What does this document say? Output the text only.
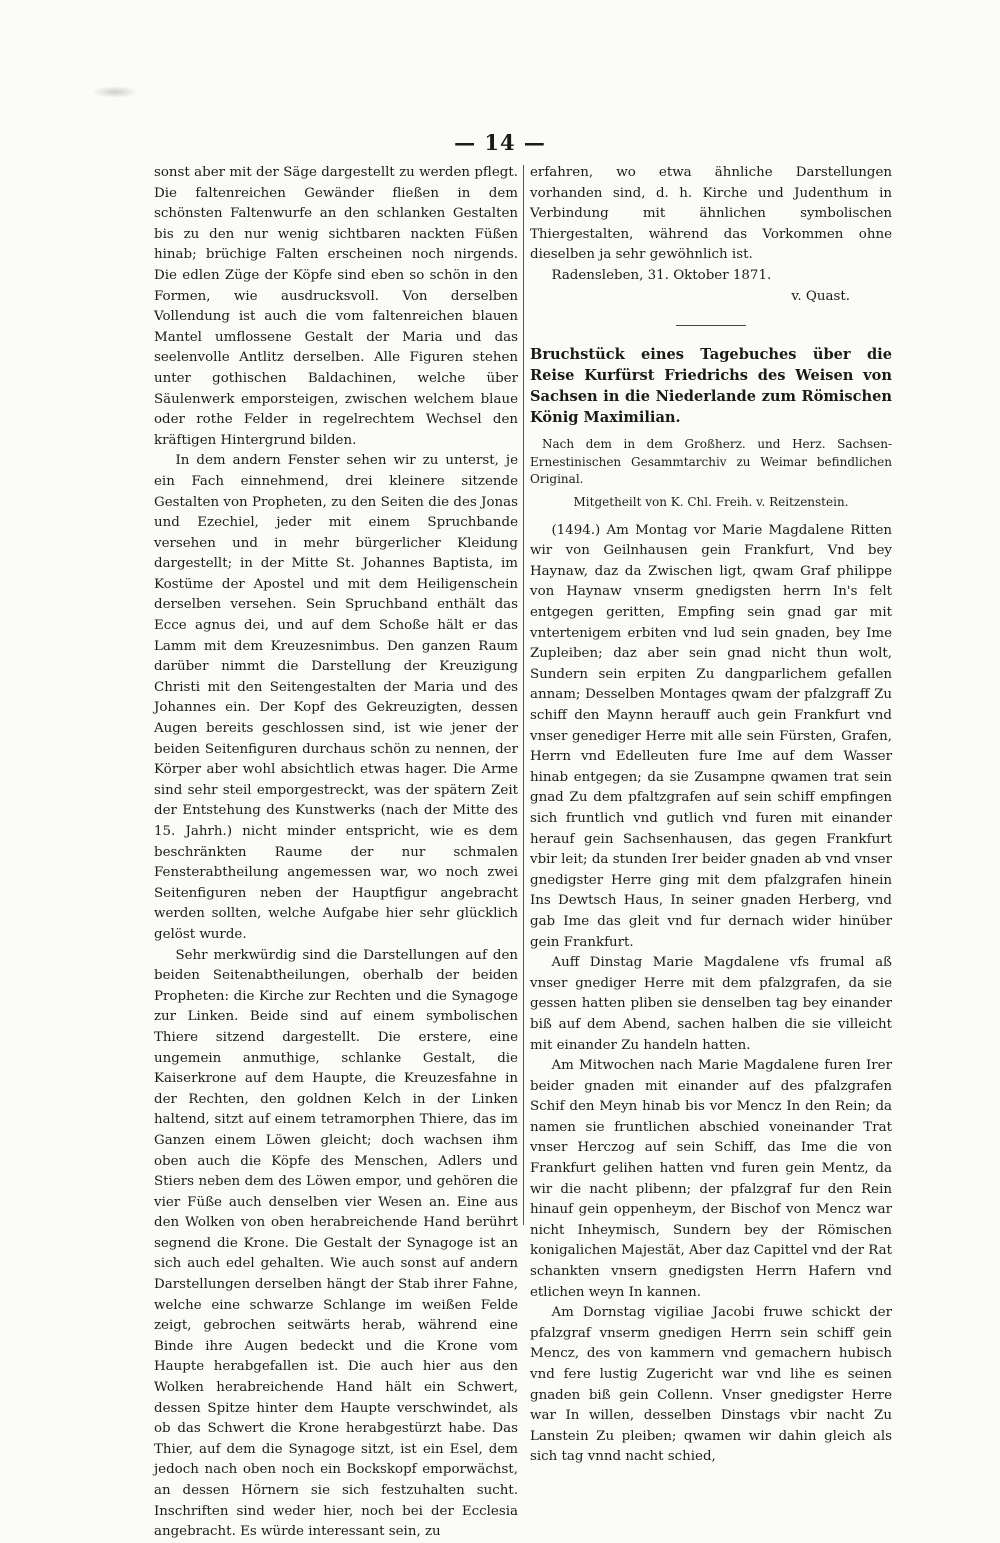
— 14 —

sonst aber mit der Säge dargestellt zu werden pflegt. Die faltenreichen Gewänder fließen in dem schönsten Faltenwurfe an den schlanken Gestalten bis zu den nur wenig sichtbaren nackten Füßen hinab; brüchige Falten erscheinen noch nirgends. Die edlen Züge der Köpfe sind eben so schön in den Formen, wie ausdrucksvoll. Von derselben Vollendung ist auch die vom faltenreichen blauen Mantel umflossene Gestalt der Maria und das seelenvolle Antlitz derselben. Alle Figuren stehen unter gothischen Baldachinen, welche über Säulenwerk emporsteigen, zwischen welchem blaue oder rothe Felder in regelrechtem Wechsel den kräftigen Hintergrund bilden.

In dem andern Fenster sehen wir zu unterst, je ein Fach einnehmend, drei kleinere sitzende Gestalten von Propheten, zu den Seiten die des Jonas und Ezechiel, jeder mit einem Spruchbande versehen und in mehr bürgerlicher Kleidung dargestellt; in der Mitte St. Johannes Baptista, im Kostüme der Apostel und mit dem Heiligenschein derselben versehen. Sein Spruchband enthält das Ecce agnus dei, und auf dem Schoße hält er das Lamm mit dem Kreuzesnimbus. Den ganzen Raum darüber nimmt die Darstellung der Kreuzigung Christi mit den Seitengestalten der Maria und des Johannes ein. Der Kopf des Gekreuzigten, dessen Augen bereits geschlossen sind, ist wie jener der beiden Seitenfiguren durchaus schön zu nennen, der Körper aber wohl absichtlich etwas hager. Die Arme sind sehr steil emporgestreckt, was der spätern Zeit der Entstehung des Kunstwerks (nach der Mitte des 15. Jahrh.) nicht minder entspricht, wie es dem beschränkten Raume der nur schmalen Fensterabtheilung angemessen war, wo noch zwei Seitenfiguren neben der Hauptfigur angebracht werden sollten, welche Aufgabe hier sehr glücklich gelöst wurde.

Sehr merkwürdig sind die Darstellungen auf den beiden Seitenabtheilungen, oberhalb der beiden Propheten: die Kirche zur Rechten und die Synagoge zur Linken. Beide sind auf einem symbolischen Thiere sitzend dargestellt. Die erstere, eine ungemein anmuthige, schlanke Gestalt, die Kaiserkrone auf dem Haupte, die Kreuzesfahne in der Rechten, den goldnen Kelch in der Linken haltend, sitzt auf einem tetramorphen Thiere, das im Ganzen einem Löwen gleicht; doch wachsen ihm oben auch die Köpfe des Menschen, Adlers und Stiers neben dem des Löwen empor, und gehören die vier Füße auch denselben vier Wesen an. Eine aus den Wolken von oben herabreichende Hand berührt segnend die Krone. Die Gestalt der Synagoge ist an sich auch edel gehalten. Wie auch sonst auf andern Darstellungen derselben hängt der Stab ihrer Fahne, welche eine schwarze Schlange im weißen Felde zeigt, gebrochen seitwärts herab, während eine Binde ihre Augen bedeckt und die Krone vom Haupte herabgefallen ist. Die auch hier aus den Wolken herabreichende Hand hält ein Schwert, dessen Spitze hinter dem Haupte verschwindet, als ob das Schwert die Krone herabgestürzt habe. Das Thier, auf dem die Synagoge sitzt, ist ein Esel, dem jedoch nach oben noch ein Bockskopf emporwächst, an dessen Hörnern sie sich festzuhalten sucht. Inschriften sind weder hier, noch bei der Ecclesia angebracht. Es würde interessant sein, zu

erfahren, wo etwa ähnliche Darstellungen vorhanden sind, d. h. Kirche und Judenthum in Verbindung mit ähnlichen symbolischen Thiergestalten, während das Vorkommen ohne dieselben ja sehr gewöhnlich ist.

Radensleben, 31. Oktober 1871.
v. Quast.
Bruchstück eines Tagebuches über die Reise Kurfürst Friedrichs des Weisen von Sachsen in die Niederlande zum Römischen König Maximilian.
Nach dem in dem Großherz. und Herz. Sachsen-Ernestinischen Gesammtarchiv zu Weimar befindlichen Original.
Mitgetheilt von K. Chl. Freih. v. Reitzenstein.

(1494.) Am Montag vor Marie Magdalene Ritten wir von Geilnhausen gein Frankfurt, Vnd bey Haynaw, daz da Zwischen ligt, qwam Graf philippe von Haynaw vnserm gnedigsten herrn In's felt entgegen geritten, Empfing sein gnad gar mit vntertenigem erbiten vnd lud sein gnaden, bey Ime Zupleiben; daz aber sein gnad nicht thun wolt, Sundern sein erpiten Zu dangparlichem gefallen annam; Desselben Montages qwam der pfalzgraff Zu schiff den Maynn herauff auch gein Frankfurt vnd vnser genediger Herre mit alle sein Fürsten, Grafen, Herrn vnd Edelleuten fure Ime auf dem Wasser hinab entgegen; da sie Zusampne qwamen trat sein gnad Zu dem pfaltzgrafen auf sein schiff empfingen sich fruntlich vnd gutlich vnd furen mit einander herauf gein Sachsenhausen, das gegen Frankfurt vbir leit; da stunden Irer beider gnaden ab vnd vnser gnedigster Herre ging mit dem pfalzgrafen hinein Ins Dewtsch Haus, In seiner gnaden Herberg, vnd gab Ime das gleit vnd fur dernach wider hinüber gein Frankfurt.

Auff Dinstag Marie Magdalene vfs frumal aß vnser gnediger Herre mit dem pfalzgrafen, da sie gessen hatten pliben sie denselben tag bey einander biß auf dem Abend, sachen halben die sie villeicht mit einander Zu handeln hatten.

Am Mitwochen nach Marie Magdalene furen Irer beider gnaden mit einander auf des pfalzgrafen Schif den Meyn hinab bis vor Mencz In den Rein; da namen sie fruntlichen abschied voneinander Trat vnser Herczog auf sein Schiff, das Ime die von Frankfurt gelihen hatten vnd furen gein Mentz, da wir die nacht plibenn; der pfalzgraf fur den Rein hinauf gein oppenheym, der Bischof von Mencz war nicht Inheymisch, Sundern bey der Römischen konigalichen Majestät, Aber daz Capittel vnd der Rat schankten vnsern gnedigsten Herrn Hafern vnd etlichen weyn In kannen.

Am Dornstag vigiliae Jacobi fruwe schickt der pfalzgraf vnserm gnedigen Herrn sein schiff gein Mencz, des von kammern vnd gemachern hubisch vnd fere lustig Zugericht war vnd lihe es seinen gnaden biß gein Collenn. Vnser gnedigster Herre war In willen, desselben Dinstags vbir nacht Zu Lanstein Zu pleiben; qwamen wir dahin gleich als sich tag vnnd nacht schied,
